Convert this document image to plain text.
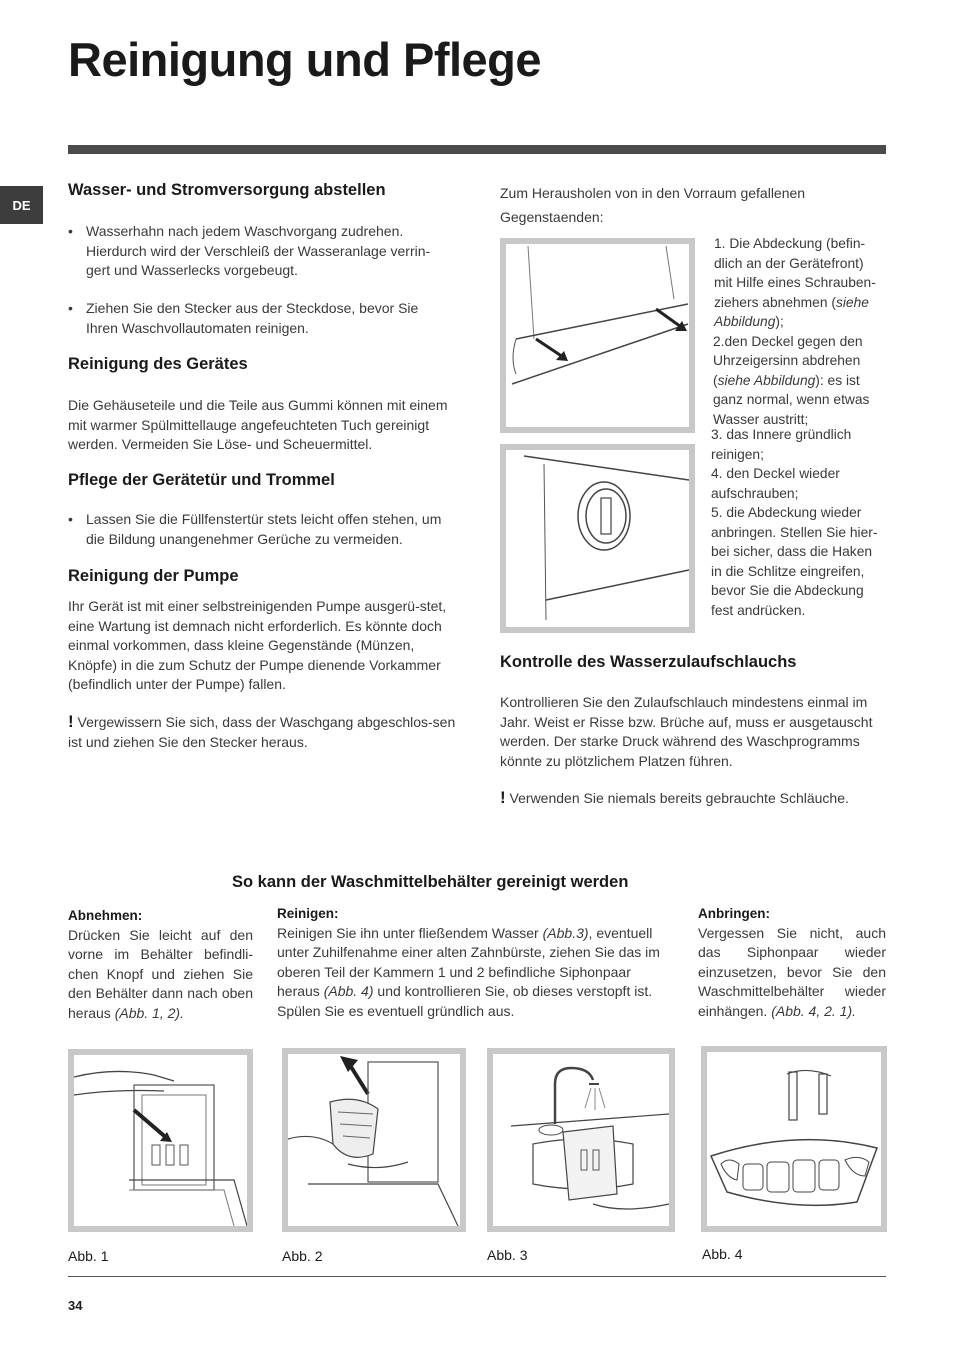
Reinigung und Pflege
DE
Wasser- und Stromversorgung abstellen
• Wasserhahn nach jedem Waschvorgang zudrehen. Hierdurch wird der Verschleiß der Wasseranlage verrin-gert und Wasserlecks vorgebeugt.
• Ziehen Sie den Stecker aus der Steckdose, bevor Sie Ihren Waschvollautomaten reinigen.
Reinigung des Gerätes
Die Gehäuseteile und die Teile aus Gummi können mit einem mit warmer Spülmittellauge angefeuchteten Tuch gereinigt werden. Vermeiden Sie Löse- und Scheuermittel.
Pflege der Gerätetür und Trommel
• Lassen Sie die Füllfenstertür stets leicht offen stehen, um die Bildung unangenehmer Gerüche zu vermeiden.
Reinigung der Pumpe
Ihr Gerät ist mit einer selbstreinigenden Pumpe ausgerü-stet, eine Wartung ist demnach nicht erforderlich. Es könnte doch einmal vorkommen, dass kleine Gegenstände (Münzen, Knöpfe) in die zum Schutz der Pumpe dienende Vorkammer (befindlich unter der Pumpe) fallen.
! Vergewissern Sie sich, dass der Waschgang abgeschlos-sen ist und ziehen Sie den Stecker heraus.
Zum Herausholen von in den Vorraum gefallenen Gegenstaenden:
1. Die Abdeckung (befin-dlich an der Gerätefront) mit Hilfe eines Schrauben-ziehers abnehmen (siehe Abbildung);
2.den Deckel gegen den Uhrzeigersinn abdrehen (siehe Abbildung): es ist ganz normal, wenn etwas Wasser austritt;
3. das Innere gründlich reinigen;
4. den Deckel wieder aufschrauben;
5. die Abdeckung wieder anbringen. Stellen Sie hier-bei sicher, dass die Haken in die Schlitze eingreifen, bevor Sie die Abdeckung fest andrücken.
Kontrolle des Wasserzulaufschlauchs
Kontrollieren Sie den Zulaufschlauch mindestens einmal im Jahr. Weist er Risse bzw. Brüche auf, muss er ausgetauscht werden. Der starke Druck während des Waschprogramms könnte zu plötzlichem Platzen führen.
! Verwenden Sie niemals bereits gebrauchte Schläuche.
So kann der Waschmittelbehälter gereinigt werden
Abnehmen:
Drücken Sie leicht auf den vorne im Behälter befindli-chen Knopf und ziehen Sie den Behälter dann nach oben heraus (Abb. 1, 2).
Reinigen:
Reinigen Sie ihn unter fließendem Wasser (Abb.3), eventuell unter Zuhilfenahme einer alten Zahnbürste, ziehen Sie das im oberen Teil der Kammern 1 und 2 befindliche Siphonpaar heraus (Abb. 4) und kontrollieren Sie, ob dieses verstopft ist. Spülen Sie es eventuell gründlich aus.
Anbringen:
Vergessen Sie nicht, auch das Siphonpaar wieder einzusetzen, bevor Sie den Waschmittelbehälter wieder einhängen. (Abb. 4, 2. 1).
Abb. 1	Abb. 2	Abb. 3	Abb. 4
34
